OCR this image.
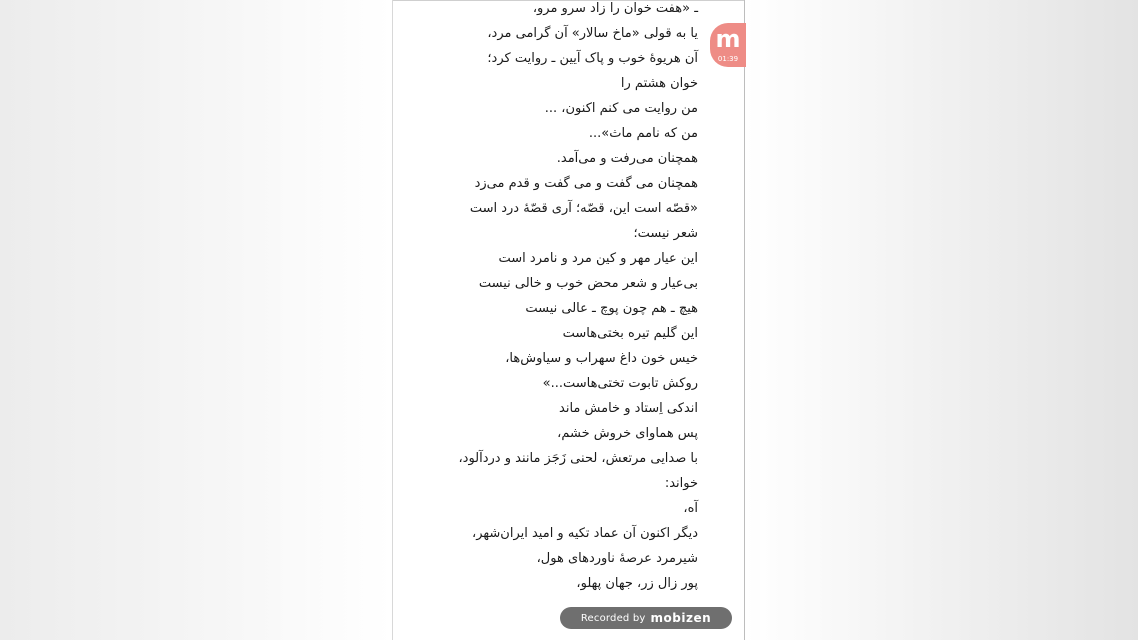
ـ «هفت خوان را زاد سرو مرو،
یا به قولی «ماخ سالار» آن گرامی مرد،
آن هریوهٔ خوب و پاک آیین ـ روایت کرد؛
خوان هشتم را
من روایت می کنم اکنون، ...
من که نامم ماث»...
همچنان می‌رفت و می‌آمد.
همچنان می گفت و می گفت و قدم می‌زد
«قصّه است این، قصّه؛ آری قصّهٔ درد است
شعر نیست؛
این عیار مهر و کین مرد و نامرد است
بی‌عیار و شعر محض خوب و خالی نیست
هیچ ـ هم چون پوچ ـ عالی نیست
این گلیم تیره بختی‌هاست
خیس خون داغ سهراب و سیاوش‌ها،
روکش تابوت تختی‌هاست...»
اندکی اِستاد و خامش ماند
پس هماوای خروش خشم،
با صدایی مرتعش، لحنی زَجَز مانند و دردآلود،
خواند:
آه،
دیگر اکنون آن عماد تکیه و امید ایران‌شهر،
شیرمرد عرصهٔ ناوردهای هول،
پور زال زر، جهان پهلو،
m
01:39
Recorded by mobizen
